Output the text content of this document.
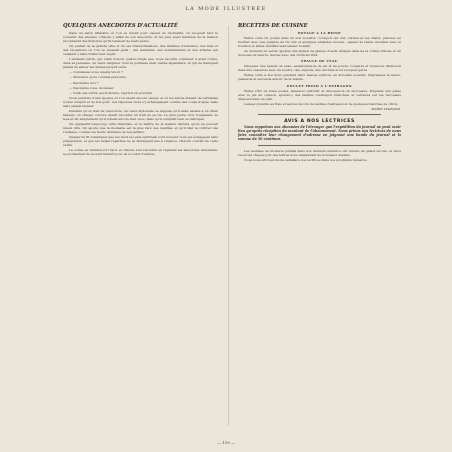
LA MODE ILLUSTRÉE
QUELQUES ANECDOTES D'ACTUALITÉ

Dans un salon littéraire où l'on se réunit pour causer de l'actualité, on évoquait hier le souvenir des anciens. Chacun y allait de son anecdote, et les plus vieux habitués de la maison racontaient des histoires qu'ils tenaient de leurs pères.

On parlait de la grande ville et de ses transformations, des théâtres d'autrefois, des bals et des réceptions où l'on se pressait jadis ; des ministres, des académiciens et des artistes qui venaient y faire briller leur esprit.

L'éminent lettré, qui vient d'avoir quatre-vingts ans, nous raconta comment il avait connu, dans sa jeunesse, un vieux seigneur dont la politesse était restée légendaire, et qui ne manquait jamais de saluer les dames jusqu'à terre.

— Connaissez-vous quelqu'un ici ?

— Monsieur, je ne connais personne.

— Pas même moi ?

— Pas même vous, monsieur.

— Voilà une vérité qui m'étonne, reprit-il en souriant.

Nous parlions d'une époque où l'on savait encore causer, et où les salons étaient de véritables écoles d'esprit et de bon goût. Les réponses vives s'y échangeaient comme des coups d'épée, mais sans jamais blesser.

Pendant qu'on riait de l'anecdote, un vieux diplomate se rappela qu'il avait assisté à un dîner fameux, où chaque convive devait raconter un trait de sa vie. Le plus jeune, tout rougissant, se leva et dit simplement qu'il n'avait encore rien vécu, mais qu'il comptait bien se rattraper.

On applaudit beaucoup cette franchise, et le maître de la maison déclara qu'on ne pouvait mieux dire. On ajouta que la modestie est la plus rare des qualités, et qu'il faut la cultiver dès l'enfance, comme les fleurs délicates de nos jardins.

Quelqu'un fit remarquer que les mots les plus spirituels sont souvent ceux qui échappent sans préparation, et que les belles réparties ne se fabriquent pas à l'avance. Chacun convint de cette vérité.

La soirée se termina fort tard, et chacun s'en retourna en répétant les anecdotes entendues, se promettant de revenir bientôt pour en écouter d'autres.

RECETTES DE CUISINE
POTAGE À LA REINE

Faites cuire un poulet dans un bon bouillon ; lorsqu'il est cuit, retirez-en les chairs, pilez-les au mortier avec une poignée de riz cuit et quelques amandes douces ; passez au tamis, mouillez avec le bouillon et faites chauffer sans laisser bouillir.

Au moment de servir, ajoutez une liaison de jaunes d'œufs délayés dans de la crème fraîche et un morceau de beurre. Servez avec des croûtons frits.

ÉPAULE DE VEAU

Désossez une épaule de veau, assaisonnez-la de sel et de poivre, roulez-la et ficelez-la. Mettez-la dans une casserole avec du beurre, des oignons, des carottes et un bouquet garni.

Faites cuire à feu doux pendant deux heures environ, en arrosant souvent. Dégraissez la sauce, passez-la et servez-la autour de la viande.

POULET FROID À L'ESTRAGON

Faites rôtir un beau poulet, laissez-le refroidir et découpez-le en morceaux. Préparez une gelée avec le jus de cuisson, ajoutez-y des feuilles d'estragon blanchies et versez-la sur les morceaux disposés dans un plat.

Laissez prendre au frais et servez décoré de feuilles d'estragon et de quelques tranches de citron.

MARIE LEGRAND.
AVIS A NOS LECTRICES

Nous rappelons aux abonnées de l'étranger que l'expédition du journal ne peut avoir lieu qu'après réception du montant de l'abonnement. Nous prions nos lectrices de nous faire connaître leur changement d'adresse en joignant une bande du journal et la somme de 50 centimes.

Les modèles de broderie publiés dans nos derniers numéros ont obtenu un grand succès, et nous recevons chaque jour des lettres nous demandant de nouveaux dessins.

Nous nous efforcerons de satisfaire nos lectrices dans nos prochains numéros.

— 119 —
